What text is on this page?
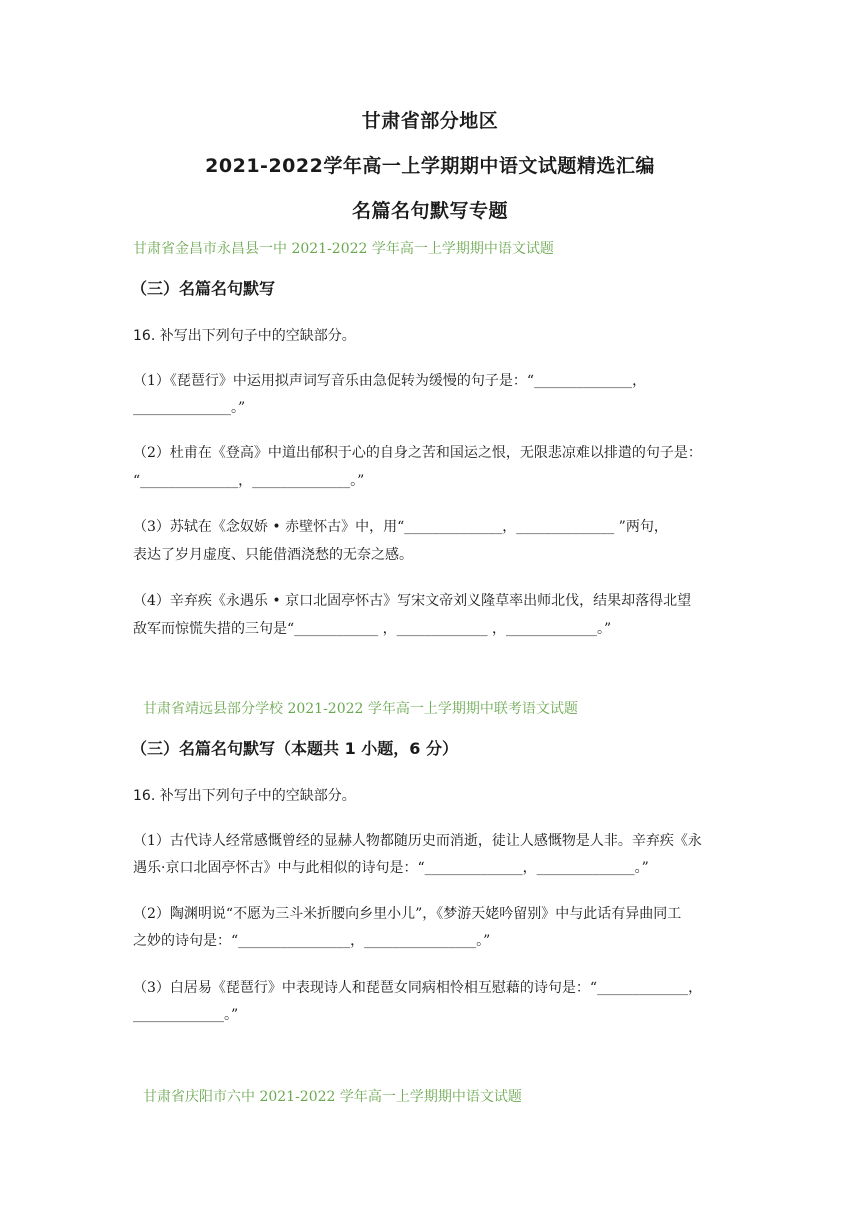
甘肃省部分地区
2021-2022学年高一上学期期中语文试题精选汇编
名篇名句默写专题
甘肃省金昌市永昌县一中 2021-2022 学年高一上学期期中语文试题
（三）名篇名句默写
16. 补写出下列句子中的空缺部分。
（1）《琵琶行》中运用拟声词写音乐由急促转为缓慢的句子是：“______________，
______________。”
（2）杜甫在《登高》中道出郁积于心的自身之苦和国运之恨，无限悲凉难以排遣的句子是：
“______________，______________。”
（3）苏轼在《念奴娇 • 赤壁怀古》中，用“______________，______________ ”两句，
表达了岁月虚度、只能借酒浇愁的无奈之感。
（4）辛弃疾《永遇乐 • 京口北固亭怀古》写宋文帝刘义隆草率出师北伐，结果却落得北望
敌军而惊慌失措的三句是“____________ ，_____________ ，_____________。”
甘肃省靖远县部分学校 2021-2022 学年高一上学期期中联考语文试题
（三）名篇名句默写（本题共 1 小题，6 分）
16. 补写出下列句子中的空缺部分。
（1）古代诗人经常感慨曾经的显赫人物都随历史而消逝，徒让人感慨物是人非。辛弃疾《永
遇乐·京口北固亭怀古》中与此相似的诗句是：“______________，______________。”
（2）陶渊明说“不愿为三斗米折腰向乡里小儿”，《梦游天姥吟留别》中与此话有异曲同工
之妙的诗句是：“________________，________________。”
（3）白居易《琵琶行》中表现诗人和琵琶女同病相怜相互慰藉的诗句是：“_____________，
_____________。”
甘肃省庆阳市六中 2021-2022 学年高一上学期期中语文试题
